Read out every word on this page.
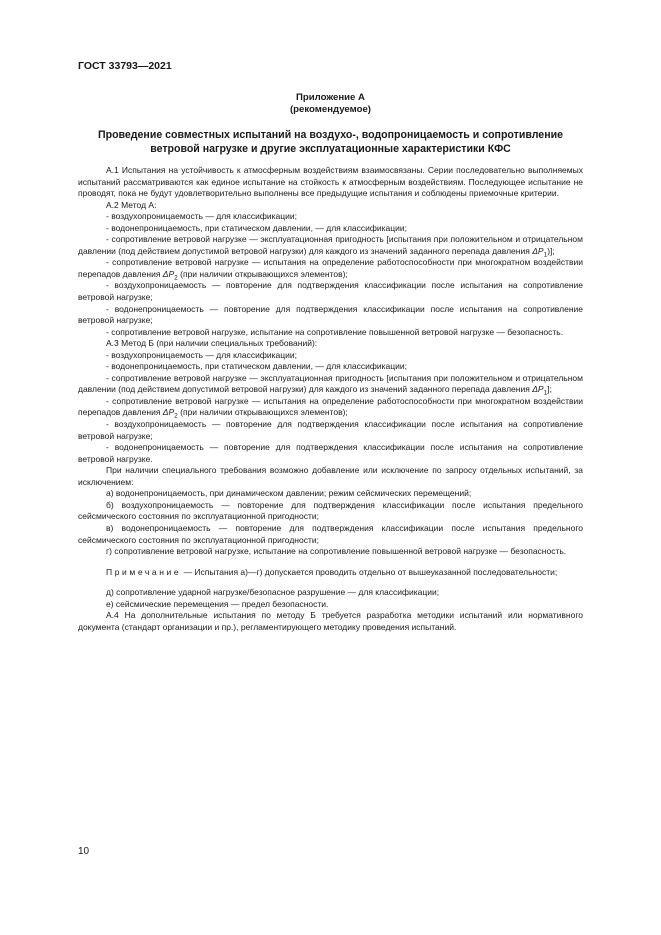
ГОСТ 33793—2021
Приложение А
(рекомендуемое)
Проведение совместных испытаний на воздухо-, водопроницаемость и сопротивление
ветровой нагрузке и другие эксплуатационные характеристики КФС

А.1 Испытания на устойчивость к атмосферным воздействиям взаимосвязаны. Серии последовательно выполняемых испытаний рассматриваются как единое испытание на стойкость к атмосферным воздействиям. Последующее испытание не проводят, пока не будут удовлетворительно выполнены все предыдущие испытания и соблюдены приемочные критерии.

А.2 Метод А:

- воздухопроницаемость — для классификации;

- водонепроницаемость, при статическом давлении, — для классификации;

- сопротивление ветровой нагрузке — эксплуатационная пригодность [испытания при положительном и отрицательном давлении (под действием допустимой ветровой нагрузки) для каждого из значений заданного перепада давления $\Delta P_1$)];

- сопротивление ветровой нагрузке — испытания на определение работоспособности при многократном воздействии перепадов давления $\Delta P_2$ (при наличии открывающихся элементов);

- воздухопроницаемость — повторение для подтверждения классификации после испытания на сопротивление ветровой нагрузке;

- водонепроницаемость — повторение для подтверждения классификации после испытания на сопротивление ветровой нагрузке;

- сопротивление ветровой нагрузке, испытание на сопротивление повышенной ветровой нагрузке — безопасность.

А.3 Метод Б (при наличии специальных требований):

- воздухопроницаемость — для классификации;

- водонепроницаемость, при статическом давлении, — для классификации;

- сопротивление ветровой нагрузке — эксплуатационная пригодность [испытания при положительном и отрицательном давлении (под действием допустимой ветровой нагрузки) для каждого из значений заданного перепада давления $\Delta P_1$];

- сопротивление ветровой нагрузке — испытания на определение работоспособности при многократном воздействии перепадов давления $\Delta P_2$ (при наличии открывающихся элементов);

- воздухопроницаемость — повторение для подтверждения классификации после испытания на сопротивление ветровой нагрузке;

- водонепроницаемость — повторение для подтверждения классификации после испытания на сопротивление ветровой нагрузке.

При наличии специального требования возможно добавление или исключение по запросу отдельных испытаний, за исключением:

а) водонепроницаемость, при динамическом давлении; режим сейсмических перемещений;

б) воздухопроницаемость — повторение для подтверждения классификации после испытания предельного сейсмического состояния по эксплуатационной пригодности;

в) водонепроницаемость — повторение для подтверждения классификации после испытания предельного сейсмического состояния по эксплуатационной пригодности;

г) сопротивление ветровой нагрузке, испытание на сопротивление повышенной ветровой нагрузке — безопасность.

Примечание — Испытания а)—г) допускается проводить отдельно от вышеуказанной последовательности;

д) сопротивление ударной нагрузке/безопасное разрушение — для классификации;

е) сейсмические перемещения — предел безопасности.

А.4 На дополнительные испытания по методу Б требуется разработка методики испытаний или нормативного документа (стандарт организации и пр.), регламентирующего методику проведения испытаний.

10
